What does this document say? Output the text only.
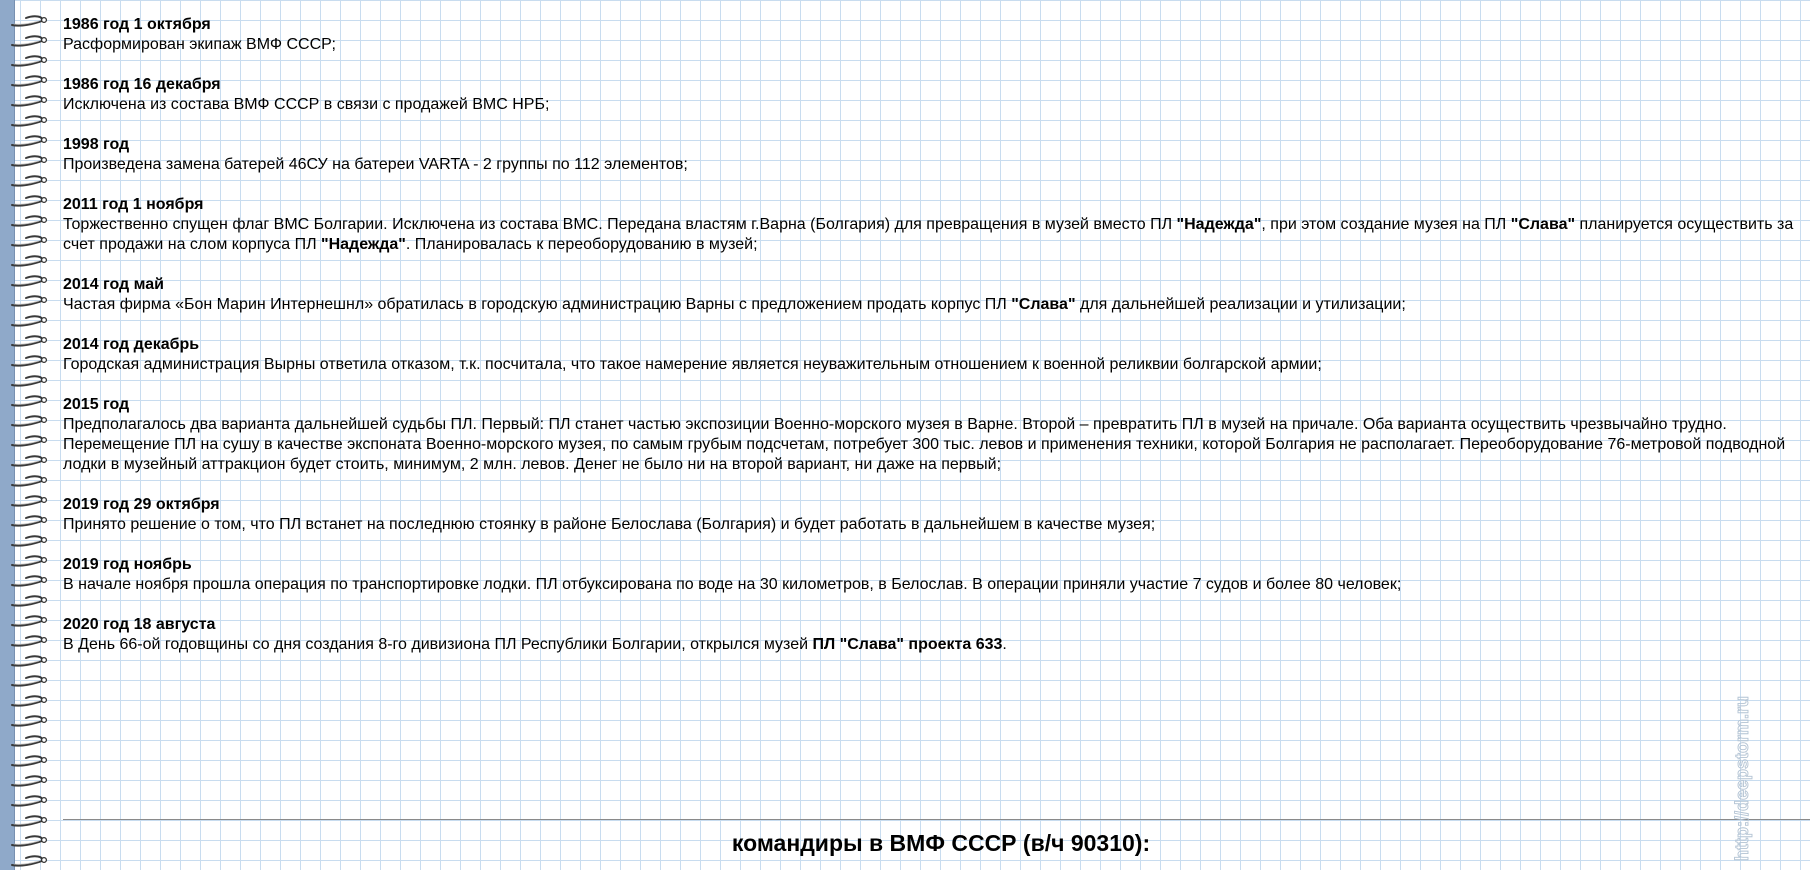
1986 год 1 октября
Расформирован экипаж ВМФ СССР;
1986 год 16 декабря
Исключена из состава ВМФ СССР в связи с продажей ВМС НРБ;
1998 год
Произведена замена батерей 46СУ на батереи VARTA - 2 группы по 112 элементов;
2011 год 1 ноября
Торжественно спущен флаг ВМС Болгарии. Исключена из состава ВМС. Передана властям г.Варна (Болгария) для превращения в музей вместо ПЛ "Надежда", при этом создание музея на ПЛ "Слава" планируется осуществить за
счет продажи на слом корпуса ПЛ "Надежда". Планировалась к переоборудованию в музей;
2014 год май
Частая фирма «Бон Марин Интернешнл» обратилась в городскую администрацию Варны с предложением продать корпус ПЛ "Слава" для дальнейшей реализации и утилизации;
2014 год декабрь
Городская администрация Вырны ответила отказом, т.к. посчитала, что такое намерение является неуважительным отношением к военной реликвии болгарской армии;
2015 год
Предполагалось два варианта дальнейшей судьбы ПЛ. Первый: ПЛ станет частью экспозиции Военно-морского музея в Варне. Второй – превратить ПЛ в музей на причале. Оба варианта осуществить чрезвычайно трудно.
Перемещение ПЛ на сушу в качестве экспоната Военно-морского музея, по самым грубым подсчетам, потребует 300 тыс. левов и применения техники, которой Болгария не располагает. Переоборудование 76-метровой подводной
лодки в музейный аттракцион будет стоить, минимум, 2 млн. левов. Денег не было ни на второй вариант, ни даже на первый;
2019 год 29 октября
Принято решение о том, что ПЛ встанет на последнюю стоянку в районе Белослава (Болгария) и будет работать в дальнейшем в качестве музея;
2019 год ноябрь
В начале ноября прошла операция по транспортировке лодки. ПЛ отбуксирована по воде на 30 километров, в Белослав. В операции приняли участие 7 судов и более 80 человек;
2020 год 18 августа
В День 66-ой годовщины со дня создания 8-го дивизиона ПЛ Республики Болгарии, открылся музей ПЛ "Слава" проекта 633.
командиры в ВМФ СССР (в/ч 90310):	http://deepstorm.ru
